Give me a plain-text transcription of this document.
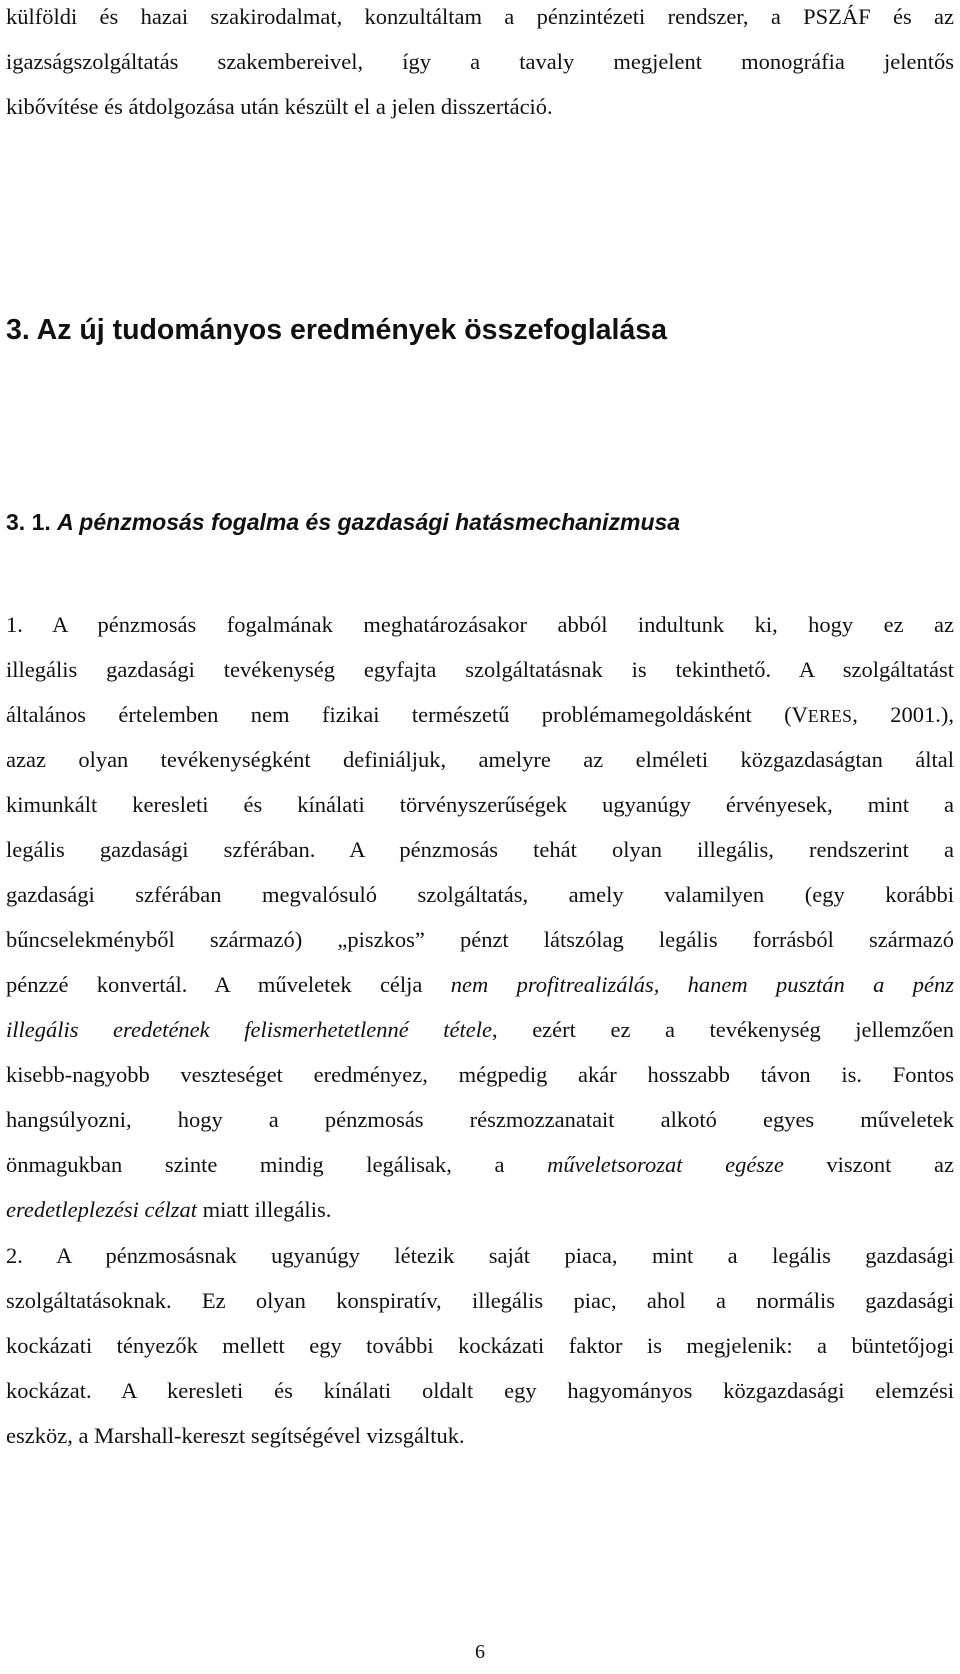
külföldi és hazai szakirodalmat, konzultáltam a pénzintézeti rendszer, a PSZÁF és az

igazságszolgáltatás szakembereivel, így a tavaly megjelent monográfia jelentős

kibővítése és átdolgozása után készült el a jelen disszertáció.

3. Az új tudományos eredmények összefoglalása
3. 1. A pénzmosás fogalma és gazdasági hatásmechanizmusa

1. A pénzmosás fogalmának meghatározásakor abból indultunk ki, hogy ez az

illegális gazdasági tevékenység egyfajta szolgáltatásnak is tekinthető. A szolgáltatást

általános értelemben nem fizikai természetű problémamegoldásként (VERES, 2001.),

azaz olyan tevékenységként definiáljuk, amelyre az elméleti közgazdaságtan által

kimunkált keresleti és kínálati törvényszerűségek ugyanúgy érvényesek, mint a

legális gazdasági szférában. A pénzmosás tehát olyan illegális, rendszerint a

gazdasági szférában megvalósuló szolgáltatás, amely valamilyen (egy korábbi

bűncselekményből származó) „piszkos” pénzt látszólag legális forrásból származó

pénzzé konvertál. A műveletek célja nem profitrealizálás, hanem pusztán a pénz

illegális eredetének felismerhetetlenné tétele, ezért ez a tevékenység jellemzően

kisebb-nagyobb veszteséget eredményez, mégpedig akár hosszabb távon is. Fontos

hangsúlyozni, hogy a pénzmosás részmozzanatait alkotó egyes műveletek

önmagukban szinte mindig legálisak, a műveletsorozat egésze viszont az

eredetleplezési célzat miatt illegális.

2. A pénzmosásnak ugyanúgy létezik saját piaca, mint a legális gazdasági

szolgáltatásoknak. Ez olyan konspiratív, illegális piac, ahol a normális gazdasági

kockázati tényezők mellett egy további kockázati faktor is megjelenik: a büntetőjogi

kockázat. A keresleti és kínálati oldalt egy hagyományos közgazdasági elemzési

eszköz, a Marshall-kereszt segítségével vizsgáltuk.

6
